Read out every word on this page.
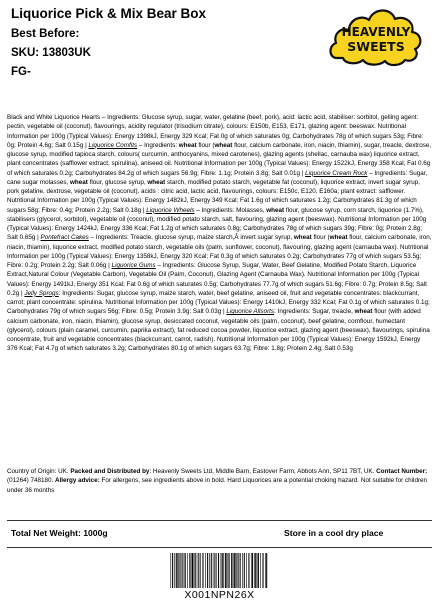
Liquorice Pick & Mix Bear Box
Best Before:
SKU: 13803UK
FG-
HEAVENLY
SWEETS
Black and White Liquorice Hearts – Ingredients: Glucose syrup, sugar, water, gelatine (beef, pork), acid: lactic acid, stabiliser: sorbitol, gelling agent: pectin, vegetable oil (coconut), flavourings, acidity regulator (trisodium citrate), colours: E150b, E153, E171, glazing agent: beeswax. Nutritional Information per 100g (Typical Values): Energy 1398kJ, Energy 329 Kcal; Fat 0g of which saturates 0g; Carbohydrates 78g of which sugars 53g; Fibre: 0g; Protein 4.6g; Salt 0.15g | Liquorice Comfits – Ingredients: wheat flour (wheat flour, calcium carbonate, iron, niacin, thiamin), sugar, treacle, dextrose, glucose syrup, modified tapioca starch, colours( curcumin, anthocyanins, mixed carotenes), glazing agents (shellac, carnauba wax) liquorice extract, plant concentrates (safflower extract, spirulina), aniseed oil. Nutritional Information per 100g (Typical Values): Energy 1522kJ, Energy 358 Kcal; Fat 0.6g of which saturates 0.2g; Carbohydrates 84.2g of which sugars 56.9g; Fibre: 1.1g; Protein 3.8g; Salt 0.01g | Liquorice Cream Rock – Ingredients: Sugar, cane sugar molasses, wheat flour, glucose syrup, wheat starch, modified potato starch, vegetable fat (coconut), liquorice extract, invert sugar syrup, pork gelatine, dextrose, vegetable oil (coconut), acids : citric acid, lactic acid, flavourings, colours: E150c, E120, E160a; plant extract: safflower. Nutritional Information per 100g (Typical Values): Energy 1482kJ, Energy 349 Kcal; Fat 1.6g of which saturates 1.2g; Carbohydrates 81.3g of which sugars 58g; Fibre: 0.4g; Protein 2.2g; Salt 0.18g | Liquorice Wheels – Ingredients: Molasses, wheat flour, glucose syrup, corn starch, liquorice (1.7%), stabilisers (glycerol, sorbitol), vegetable oil (coconut), modified potato starch, salt, flavouring, glazing agent (beeswax). Nutritional Information per 100g (Typical Values): Energy 1424kJ, Energy 336 Kcal; Fat 1.2g of which saturates 0.8g; Carbohydrates 78g of which sugars 39g; Fibre: 0g; Protein 2.8g; Salt 0.65g | Pontefract Cakes – Ingredients: Treacle, glucose syrup, maize starch,Â invert sugar syrup, wheat flour (wheat flour, calcium carbonate, iron, niacin, thiamin), liquorice extract, modified potato starch, vegetable oils (palm, sunflower, coconut), flavouring, glazing agent (carnauba wax). Nutritional Information per 100g (Typical Values): Energy 1358kJ, Energy 320 Kcal; Fat 0.3g of which saturates 0.2g; Carbohydrates 77g of which sugars 53.5g; Fibre: 0.2g; Protein 2.2g; Salt 0.06g | Liquorice Gums – Ingredients: Glucose Syrup, Sugar, Water, Beef Gelatine, Modified Potato Starch, Liquorice Extract,Natural Colour (Vegetable Carbon), Vegetable Oil (Palm, Coconut), Glazing Agent (Carnauba Wax). Nutritional Information per 100g (Typical Values): Energy 1491kJ, Energy 351 Kcal; Fat 0.6g of which saturates 0.5g; Carbohydrates 77.7g of which sugars 51.6g; Fibre: 0.7g; Protein 8.5g; Salt 0.2g | Jelly Sprogs: Ingredients: Sugar, glucose syrup, maize starch, water, beef gelatine, aniseed oil, fruit and vegetable concentrates: blackcurrant, carrot; plant concentrate: spirulina. Nutritional Information per 100g (Typical Values): Energy 1410kJ, Energy 332 Kcal; Fat 0.1g of which saturates 0.1g; Carbohydrates 79g of which sugars 56g; Fibre: 0.5g; Protein 3.9g; Salt 0.03g | Liquorice Allsorts: Ingredients: Sugar, treacle, wheat flour (with added calcium carbonate, iron, niacin, thiamin), glucose syrup, desiccated coconut, vegetable oils (palm, coconut), beef gelatine, cornflour, humectant (glycerol), colours (plain caramel, curcumin, paprika extract), fat reduced cocoa powder, liquorice extract, glazing agent (beeswax), flavourings, spirulina concentrate, fruit and vegetable concentrates (blackcurrant, carrot, radish). Nutritional Information per 100g (Typical Values): Energy 1592kJ, Energy 376 Kcal; Fat 4.7g of which saturates 3.2g; Carbohydrates 80.1g of which sugars 63.7g; Fibre: 1.8g; Protein 2.4g; Salt 0.53g
Country of Origin: UK. Packed and Distributed by: Heavenly Sweets Ltd, Middle Barn, Eastover Farm, Abbots Ann, SP11 7BT, UK. Contact Number: (01264) 748180. Allergy advice: For allergens, see ingredients above in bold. Hard Liquorices are a potential choking hazard. Not suitable for children under 36 months
Total Net Weight: 1000g	Store in a cool dry place
X001NPN26X
